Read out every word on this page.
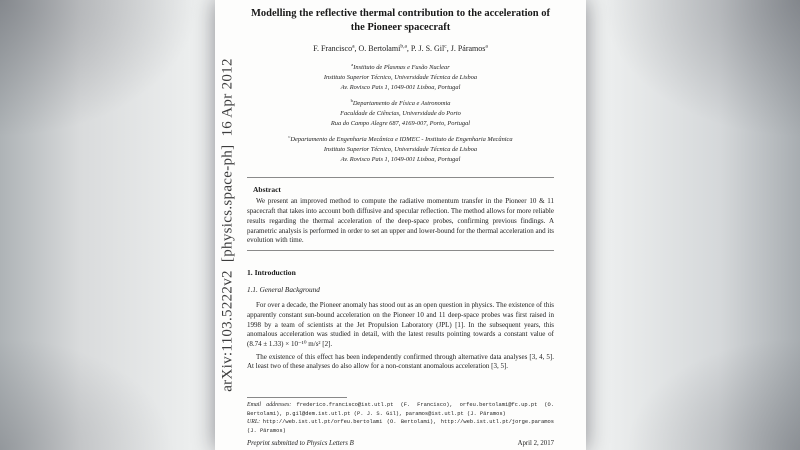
Modelling the reflective thermal contribution to the acceleration of the Pioneer spacecraft
F. Francisco$^a$, O. Bertolami$^{b,a}$, P. J. S. Gil$^c$, J. Páramos$^a$
$^a$Instituto de Plasmas e Fusão Nuclear
Instituto Superior Técnico, Universidade Técnica de Lisboa
Av. Rovisco Pais 1, 1049-001 Lisboa, Portugal
$^b$Departamento de Física e Astronomia
Faculdade de Ciências, Universidade do Porto
Rua do Campo Alegre 687, 4169-007, Porto, Portugal
$^c$Departamento de Engenharia Mecânica e IDMEC - Instituto de Engenharia Mecânica
Instituto Superior Técnico, Universidade Técnica de Lisboa
Av. Rovisco Pais 1, 1049-001 Lisboa, Portugal
Abstract
We present an improved method to compute the radiative momentum transfer in the Pioneer 10 & 11 spacecraft that takes into account both diffusive and specular reflection. The method allows for more reliable results regarding the thermal acceleration of the deep-space probes, confirming previous findings. A parametric analysis is performed in order to set an upper and lower-bound for the thermal acceleration and its evolution with time.
1. Introduction
1.1. General Background
For over a decade, the Pioneer anomaly has stood out as an open question in physics. The existence of this apparently constant sun-bound acceleration on the Pioneer 10 and 11 deep-space probes was first raised in 1998 by a team of scientists at the Jet Propulsion Laboratory (JPL) [1]. In the subsequent years, this anomalous acceleration was studied in detail, with the latest results pointing towards a constant value of (8.74 ± 1.33) × 10⁻¹⁰ m/s² [2].
The existence of this effect has been independently confirmed through alternative data analyses [3, 4, 5]. At least two of these analyses do also allow for a non-constant anomalous acceleration [3, 5].
Email addresses: frederico.francisco@ist.utl.pt (F. Francisco), orfeu.bertolami@fc.up.pt (O. Bertolami), p.gil@dem.ist.utl.pt (P. J. S. Gil), paramos@ist.utl.pt (J. Páramos)
URL: http://web.ist.utl.pt/orfeu.bertolami (O. Bertolami), http://web.ist.utl.pt/jorge.paramos (J. Páramos)
Preprint submitted to Physics Letters B	April 2, 2017
arXiv:1103.5222v2  [physics.space-ph]  16 Apr 2012
